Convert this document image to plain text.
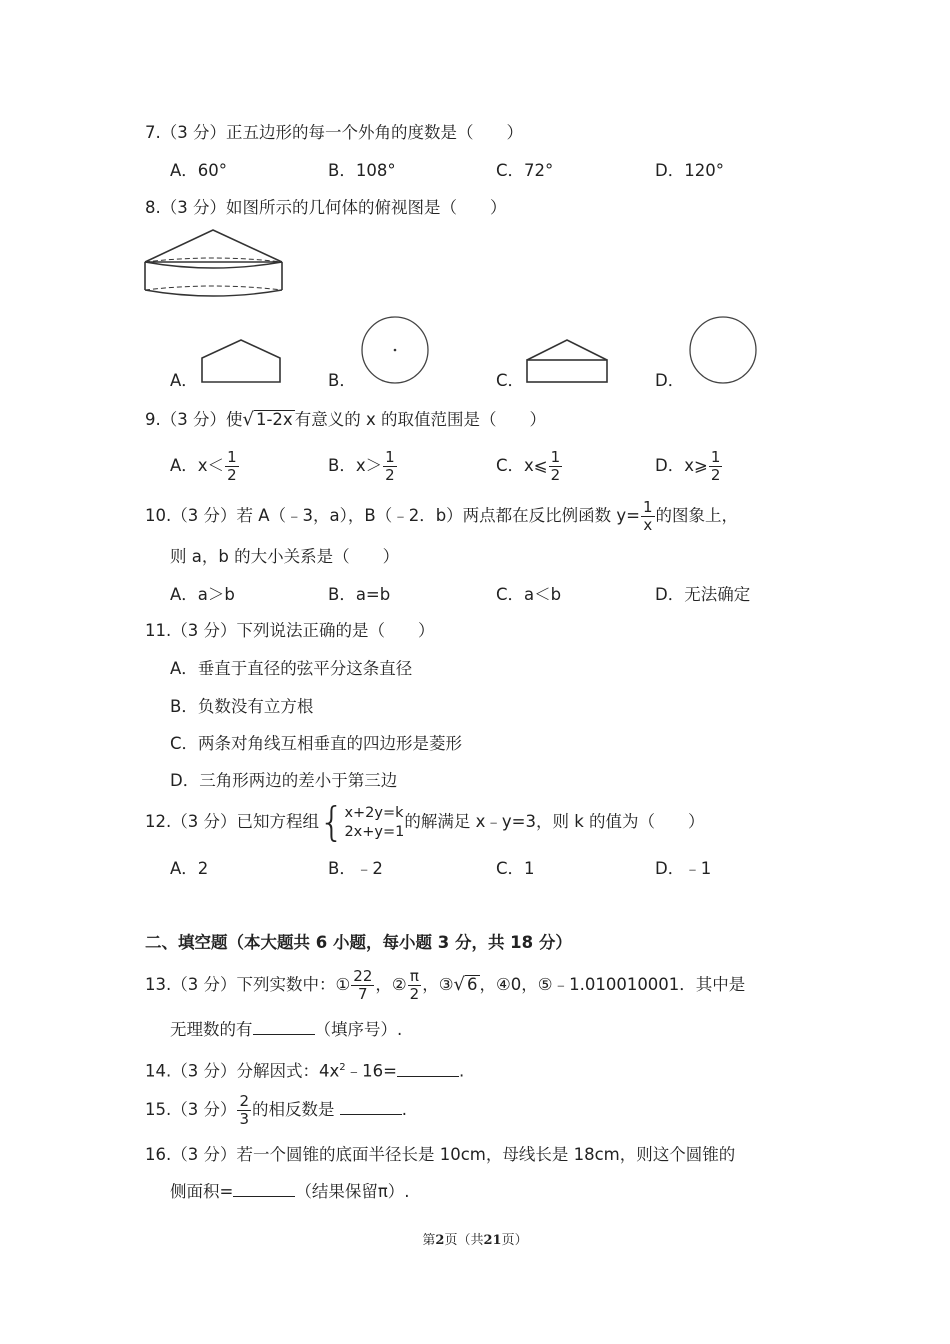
7.（3 分）正五边形的每一个外角的度数是（　　）
A．60°	B．108°	C．72°	D．120°
8.（3 分）如图所示的几何体的俯视图是（　　）
A．	B．	C．	D．
9.（3 分）使√ 1-2x 有意义的 x 的取值范围是（　　）
A．$x< \frac{1}{2}$	B．$x> \frac{1}{2}$	C．x⩽ $\frac{1}{2}$	D．x⩾ $\frac{1}{2}$
10.（3 分）若 A（﹣3，a），B（﹣2．b）两点都在反比例函数 $y= \frac{1}{x}$ 的图象上，
则 a，b 的大小关系是（　　）
A．a＞b	B．a=b	C．a＜b	D．无法确定
11.（3 分）下列说法正确的是（　　）
A．垂直于直径的弦平分这条直径
B．负数没有立方根
C．两条对角线互相垂直的四边形是菱形
D．三角形两边的差小于第三边
12.（3 分）已知方程组{ x+2y=k
2x+y=1
的解满足 x﹣y=3，则 k 的值为（　　）
A．2	B．﹣2	C．1	D．﹣1
二、填空题（本大题共 6 小题，每小题 3 分，共 18 分）
13.（3 分）下列实数中：① $\frac{22}{7}$ ，② $\frac{\pi}{2}$ ，③√ 6 ，④0，⑤﹣1.010010001．其中是
无理数的有	（填序号）.
14.（3 分）分解因式：$4x^2﹣16=$	.
15.（3 分） $\frac{2}{3}$ 的相反数是	.
16.（3 分）若一个圆锥的底面半径长是 10cm，母线长是 18cm，则这个圆锥的
侧面积=	（结果保留π）.
第2页（共21页）
